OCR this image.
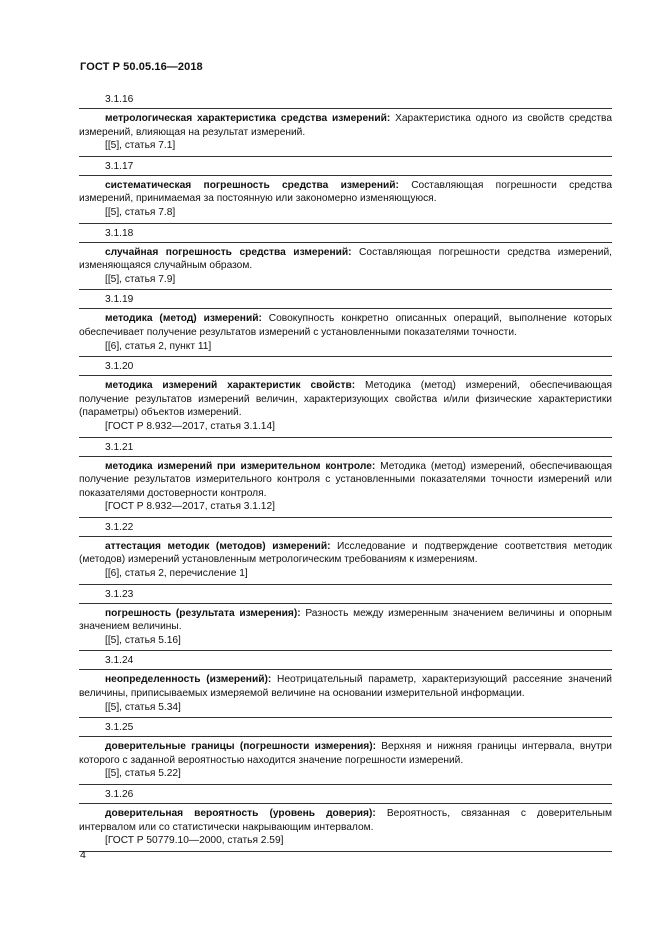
ГОСТ Р 50.05.16—2018
3.1.16

метрологическая характеристика средства измерений: Характеристика одного из свойств средства измерений, влияющая на результат измерений.

[[5], статья 7.1]

3.1.17

систематическая погрешность средства измерений: Составляющая погрешности средства измерений, принимаемая за постоянную или закономерно изменяющуюся.

[[5], статья 7.8]

3.1.18

случайная погрешность средства измерений: Составляющая погрешности средства измерений, изменяющаяся случайным образом.

[[5], статья 7.9]

3.1.19

методика (метод) измерений: Совокупность конкретно описанных операций, выполнение которых обеспечивает получение результатов измерений с установленными показателями точности.

[[6], статья 2, пункт 11]

3.1.20

методика измерений характеристик свойств: Методика (метод) измерений, обеспечивающая получение результатов измерений величин, характеризующих свойства и/или физические характеристики (параметры) объектов измерений.

[ГОСТ Р 8.932—2017, статья 3.1.14]

3.1.21

методика измерений при измерительном контроле: Методика (метод) измерений, обеспечивающая получение результатов измерительного контроля с установленными показателями точности измерений или показателями достоверности контроля.

[ГОСТ Р 8.932—2017, статья 3.1.12]

3.1.22

аттестация методик (методов) измерений: Исследование и подтверждение соответствия методик (методов) измерений установленным метрологическим требованиям к измерениям.

[[6], статья 2, перечисление 1]

3.1.23

погрешность (результата измерения): Разность между измеренным значением величины и опорным значением величины.

[[5], статья 5.16]

3.1.24

неопределенность (измерений): Неотрицательный параметр, характеризующий рассеяние значений величины, приписываемых измеряемой величине на основании измерительной информации.

[[5], статья 5.34]

3.1.25

доверительные границы (погрешности измерения): Верхняя и нижняя границы интервала, внутри которого с заданной вероятностью находится значение погрешности измерений.

[[5], статья 5.22]

3.1.26

доверительная вероятность (уровень доверия): Вероятность, связанная с доверительным интервалом или со статистически накрывающим интервалом.

[ГОСТ Р 50779.10—2000, статья 2.59]

4
